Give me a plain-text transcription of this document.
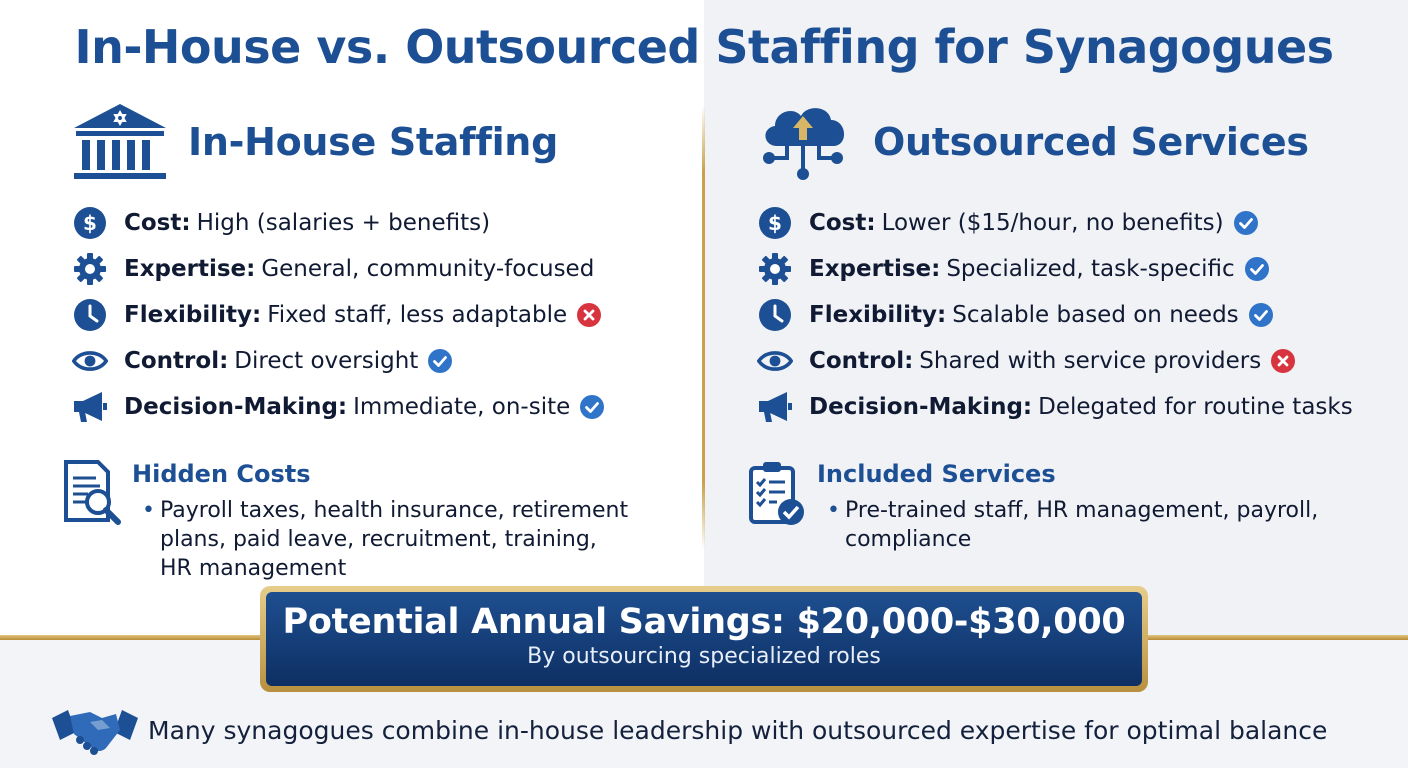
In-House vs. Outsourced Staffing for Synagogues
In-House Staffing
$ Cost: High (salaries + benefits)
Expertise: General, community-focused
Flexibility: Fixed staff, less adaptable
Control: Direct oversight
Decision-Making: Immediate, on-site
Hidden Costs
• Payroll taxes, health insurance, retirement plans, paid leave, recruitment, training, HR management
Outsourced Services
$ Cost: Lower ($15/hour, no benefits)
Expertise: Specialized, task-specific
Flexibility: Scalable based on needs
Control: Shared with service providers
Decision-Making: Delegated for routine tasks
Included Services
• Pre-trained staff, HR management, payroll, compliance
Potential Annual Savings: $20,000-$30,000
By outsourcing specialized roles
Many synagogues combine in-house leadership with outsourced expertise for optimal balance
